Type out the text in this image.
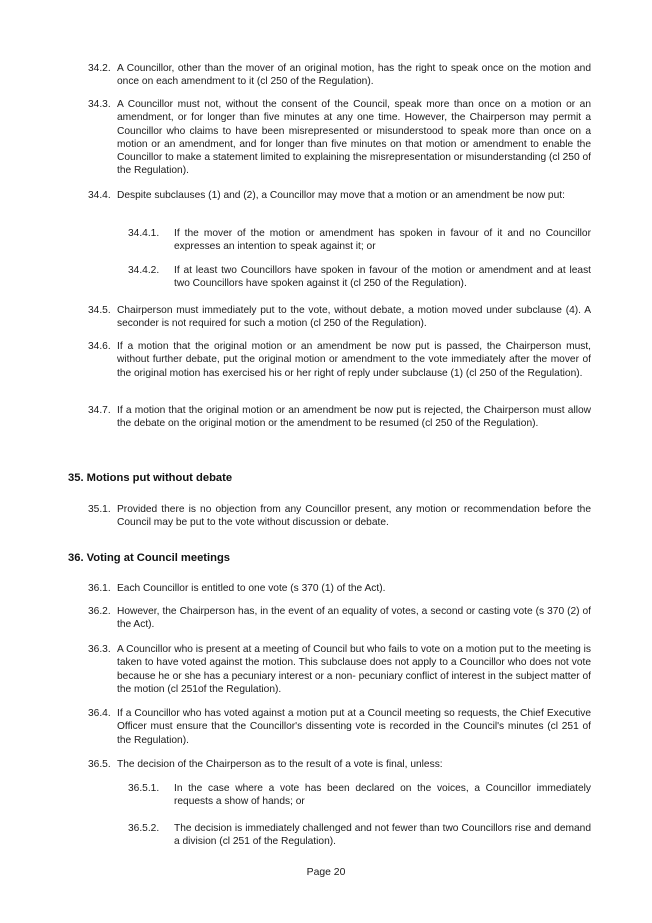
34.2. A Councillor, other than the mover of an original motion, has the right to speak once on the motion and once on each amendment to it (cl 250 of the Regulation).
34.3. A Councillor must not, without the consent of the Council, speak more than once on a motion or an amendment, or for longer than five minutes at any one time. However, the Chairperson may permit a Councillor who claims to have been misrepresented or misunderstood to speak more than once on a motion or an amendment, and for longer than five minutes on that motion or amendment to enable the Councillor to make a statement limited to explaining the misrepresentation or misunderstanding (cl 250 of the Regulation).
34.4. Despite subclauses (1) and (2), a Councillor may move that a motion or an amendment be now put:
34.4.1.	If the mover of the motion or amendment has spoken in favour of it and no Councillor expresses an intention to speak against it; or
34.4.2.	If at least two Councillors have spoken in favour of the motion or amendment and at least two Councillors have spoken against it (cl 250 of the Regulation).
34.5. Chairperson must immediately put to the vote, without debate, a motion moved under subclause (4). A seconder is not required for such a motion (cl 250 of the Regulation).
34.6. If a motion that the original motion or an amendment be now put is passed, the Chairperson must, without further debate, put the original motion or amendment to the vote immediately after the mover of the original motion has exercised his or her right of reply under subclause (1) (cl 250 of the Regulation).
34.7. If a motion that the original motion or an amendment be now put is rejected, the Chairperson must allow the debate on the original motion or the amendment to be resumed (cl 250 of the Regulation).
35. Motions put without debate
35.1. Provided there is no objection from any Councillor present, any motion or recommendation before the Council may be put to the vote without discussion or debate.
36. Voting at Council meetings
36.1. Each Councillor is entitled to one vote (s 370 (1) of the Act).
36.2. However, the Chairperson has, in the event of an equality of votes, a second or casting vote (s 370 (2) of the Act).
36.3. A Councillor who is present at a meeting of Council but who fails to vote on a motion put to the meeting is taken to have voted against the motion. This subclause does not apply to a Councillor who does not vote because he or she has a pecuniary interest or a non- pecuniary conflict of interest in the subject matter of the motion (cl 251of the Regulation).
36.4. If a Councillor who has voted against a motion put at a Council meeting so requests, the Chief Executive Officer must ensure that the Councillor's dissenting vote is recorded in the Council's minutes (cl 251 of the Regulation).
36.5. The decision of the Chairperson as to the result of a vote is final, unless:
36.5.1.	In the case where a vote has been declared on the voices, a Councillor immediately requests a show of hands; or
36.5.2.	The decision is immediately challenged and not fewer than two Councillors rise and demand a division (cl 251 of the Regulation).
Page 20
